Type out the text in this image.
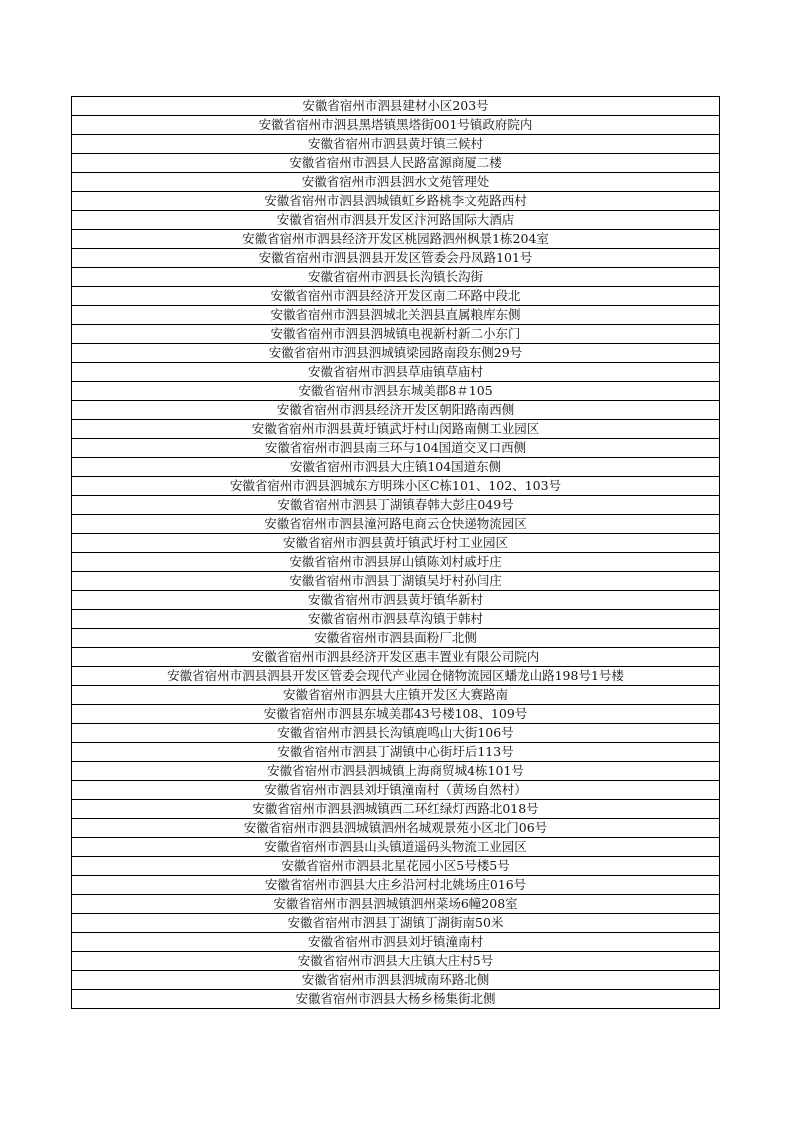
安徽省宿州市泗县建材小区203号
安徽省宿州市泗县黑塔镇黑塔街001号镇政府院内
安徽省宿州市泗县黄圩镇三候村
安徽省宿州市泗县人民路富源商厦二楼
安徽省宿州市泗县泗水文苑管理处
安徽省宿州市泗县泗城镇虹乡路桃李文苑路西村
安徽省宿州市泗县开发区汴河路国际大酒店
安徽省宿州市泗县经济开发区桃园路泗州枫景1栋204室
安徽省宿州市泗县泗县开发区管委会丹凤路101号
安徽省宿州市泗县长沟镇长沟街
安徽省宿州市泗县经济开发区南二环路中段北
安徽省宿州市泗县泗城北关泗县直属粮库东侧
安徽省宿州市泗县泗城镇电视新村新二小东门
安徽省宿州市泗县泗城镇梁园路南段东侧29号
安徽省宿州市泗县草庙镇草庙村
安徽省宿州市泗县东城美郡8＃105
安徽省宿州市泗县经济开发区朝阳路南西侧
安徽省宿州市泗县黄圩镇武圩村山闵路南侧工业园区
安徽省宿州市泗县南三环与104国道交叉口西侧
安徽省宿州市泗县大庄镇104国道东侧
安徽省宿州市泗县泗城东方明珠小区C栋101、102、103号
安徽省宿州市泗县丁湖镇春韩大彭庄049号
安徽省宿州市泗县潼河路电商云仓快递物流园区
安徽省宿州市泗县黄圩镇武圩村工业园区
安徽省宿州市泗县屏山镇陈刘村戚圩庄
安徽省宿州市泗县丁湖镇吴圩村孙闫庄
安徽省宿州市泗县黄圩镇华新村
安徽省宿州市泗县草沟镇于韩村
安徽省宿州市泗县面粉厂北侧
安徽省宿州市泗县经济开发区惠丰置业有限公司院内
安徽省宿州市泗县泗县开发区管委会现代产业园仓储物流园区蟠龙山路198号1号楼
安徽省宿州市泗县大庄镇开发区大赛路南
安徽省宿州市泗县东城美郡43号楼108、109号
安徽省宿州市泗县长沟镇鹿鸣山大街106号
安徽省宿州市泗县丁湖镇中心街圩后113号
安徽省宿州市泗县泗城镇上海商贸城4栋101号
安徽省宿州市泗县刘圩镇潼南村（黄场自然村）
安徽省宿州市泗县泗城镇西二环红绿灯西路北018号
安徽省宿州市泗县泗城镇泗州名城观景苑小区北门06号
安徽省宿州市泗县山头镇道遥码头物流工业园区
安徽省宿州市泗县北星花园小区5号楼5号
安徽省宿州市泗县大庄乡沿河村北姚场庄016号
安徽省宿州市泗县泗城镇泗州菜场6幢208室
安徽省宿州市泗县丁湖镇丁湖街南50米
安徽省宿州市泗县刘圩镇潼南村
安徽省宿州市泗县大庄镇大庄村5号
安徽省宿州市泗县泗城南环路北侧
安徽省宿州市泗县大杨乡杨集街北侧
